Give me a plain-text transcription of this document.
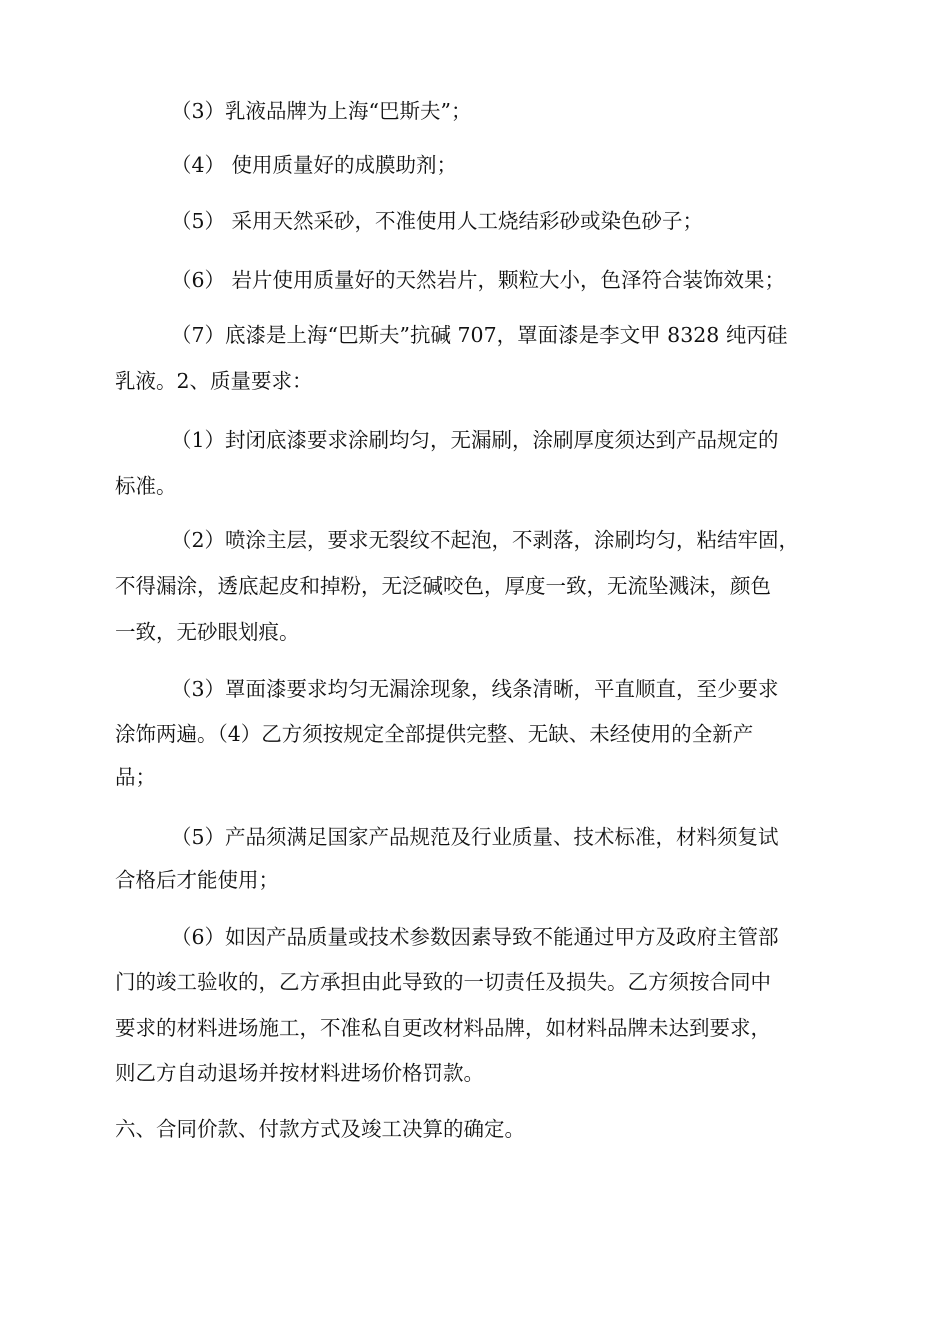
（3）乳液品牌为上海“巴斯夫”；
（4） 使用质量好的成膜助剂；
（5） 采用天然采砂，不准使用人工烧结彩砂或染色砂子；
（6） 岩片使用质量好的天然岩片，颗粒大小，色泽符合装饰效果；
（7）底漆是上海“巴斯夫”抗碱 707，罩面漆是李文甲 8328 纯丙硅
乳液。2、质量要求：
（1）封闭底漆要求涂刷均匀，无漏刷，涂刷厚度须达到产品规定的
标准。
（2）喷涂主层，要求无裂纹不起泡，不剥落，涂刷均匀，粘结牢固，
不得漏涂，透底起皮和掉粉，无泛碱咬色，厚度一致，无流坠溅沫，颜色
一致，无砂眼划痕。
（3）罩面漆要求均匀无漏涂现象，线条清晰，平直顺直，至少要求
涂饰两遍。（4）乙方须按规定全部提供完整、无缺、未经使用的全新产
品；
（5）产品须满足国家产品规范及行业质量、技术标准，材料须复试
合格后才能使用；
（6）如因产品质量或技术参数因素导致不能通过甲方及政府主管部
门的竣工验收的，乙方承担由此导致的一切责任及损失。乙方须按合同中
要求的材料进场施工，不准私自更改材料品牌，如材料品牌未达到要求，
则乙方自动退场并按材料进场价格罚款。
六、合同价款、付款方式及竣工决算的确定。
